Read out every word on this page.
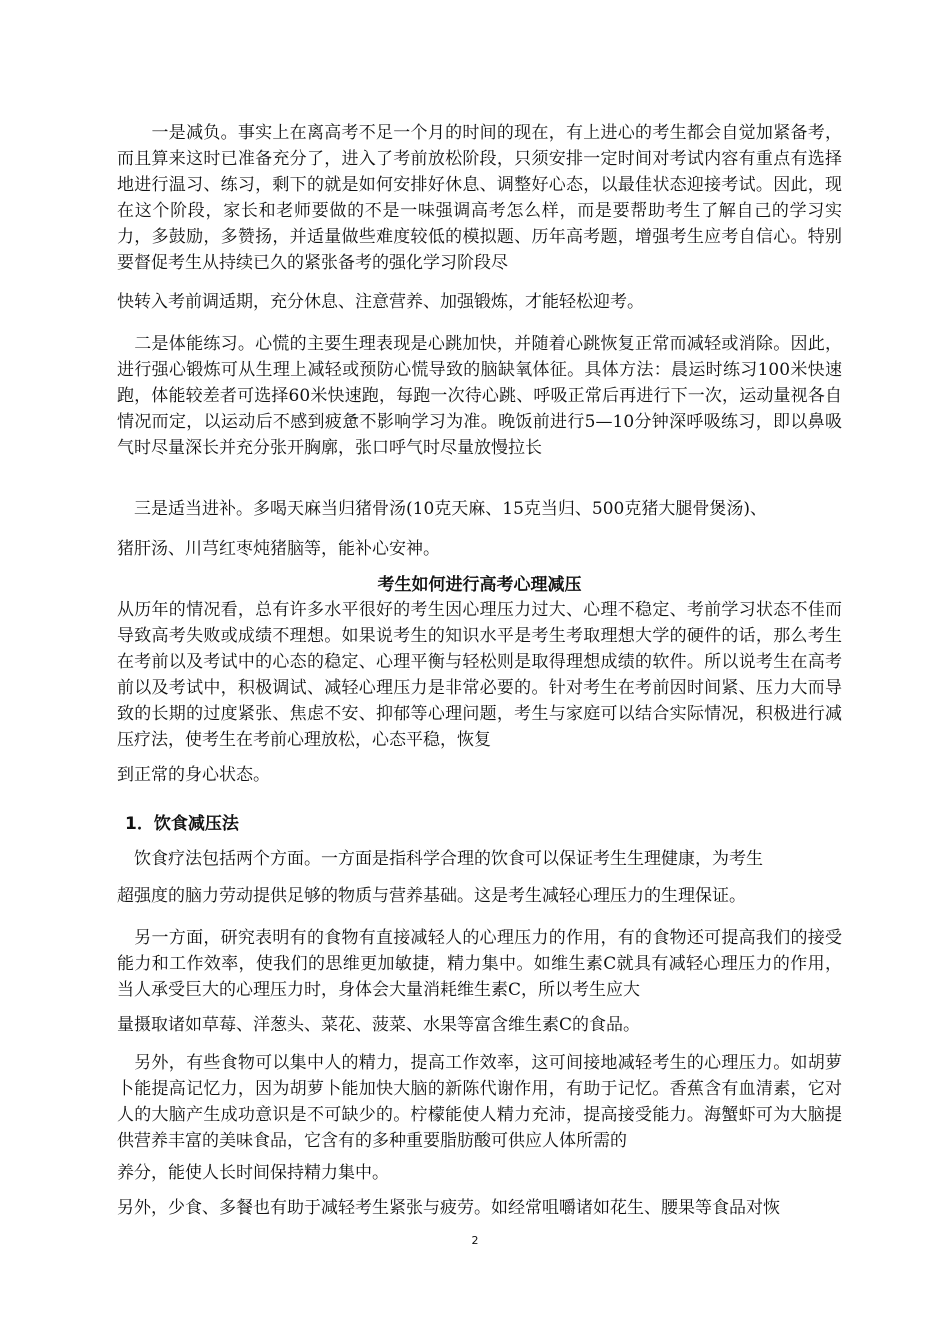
　　一是减负。事实上在离高考不足一个月的时间的现在，有上进心的考生都会自觉加紧备考，而且算来这时已准备充分了，进入了考前放松阶段，只须安排一定时间对考试内容有重点有选择地进行温习、练习，剩下的就是如何安排好休息、调整好心态，以最佳状态迎接考试。因此，现在这个阶段，家长和老师要做的不是一味强调高考怎么样，而是要帮助考生了解自己的学习实力，多鼓励，多赞扬，并适量做些难度较低的模拟题、历年高考题，增强考生应考自信心。特别要督促考生从持续已久的紧张备考的强化学习阶段尽

快转入考前调适期，充分休息、注意营养、加强锻炼，才能轻松迎考。

　二是体能练习。心慌的主要生理表现是心跳加快，并随着心跳恢复正常而减轻或消除。因此，进行强心锻炼可从生理上减轻或预防心慌导致的脑缺氧体征。具体方法：晨运时练习100米快速跑，体能较差者可选择60米快速跑，每跑一次待心跳、呼吸正常后再进行下一次，运动量视各自情况而定，以运动后不感到疲惫不影响学习为准。晚饭前进行5—10分钟深呼吸练习，即以鼻吸气时尽量深长并充分张开胸廓，张口呼气时尽量放慢拉长

　三是适当进补。多喝天麻当归猪骨汤(10克天麻、15克当归、500克猪大腿骨煲汤)、

猪肝汤、川芎红枣炖猪脑等，能补心安神。

考生如何进行高考心理减压

从历年的情况看，总有许多水平很好的考生因心理压力过大、心理不稳定、考前学习状态不佳而导致高考失败或成绩不理想。如果说考生的知识水平是考生考取理想大学的硬件的话，那么考生在考前以及考试中的心态的稳定、心理平衡与轻松则是取得理想成绩的软件。所以说考生在高考前以及考试中，积极调试、减轻心理压力是非常必要的。针对考生在考前因时间紧、压力大而导致的长期的过度紧张、焦虑不安、抑郁等心理问题，考生与家庭可以结合实际情况，积极进行减压疗法，使考生在考前心理放松，心态平稳，恢复

到正常的身心状态。

1．饮食减压法

　饮食疗法包括两个方面。一方面是指科学合理的饮食可以保证考生生理健康，为考生

超强度的脑力劳动提供足够的物质与营养基础。这是考生减轻心理压力的生理保证。

　另一方面，研究表明有的食物有直接减轻人的心理压力的作用，有的食物还可提高我们的接受能力和工作效率，使我们的思维更加敏捷，精力集中。如维生素C就具有减轻心理压力的作用，当人承受巨大的心理压力时，身体会大量消耗维生素C，所以考生应大

量摄取诸如草莓、洋葱头、菜花、菠菜、水果等富含维生素C的食品。

　另外，有些食物可以集中人的精力，提高工作效率，这可间接地减轻考生的心理压力。如胡萝卜能提高记忆力，因为胡萝卜能加快大脑的新陈代谢作用，有助于记忆。香蕉含有血清素，它对人的大脑产生成功意识是不可缺少的。柠檬能使人精力充沛，提高接受能力。海蟹虾可为大脑提供营养丰富的美味食品，它含有的多种重要脂肪酸可供应人体所需的

养分，能使人长时间保持精力集中。

另外，少食、多餐也有助于减轻考生紧张与疲劳。如经常咀嚼诸如花生、腰果等食品对恢

2
